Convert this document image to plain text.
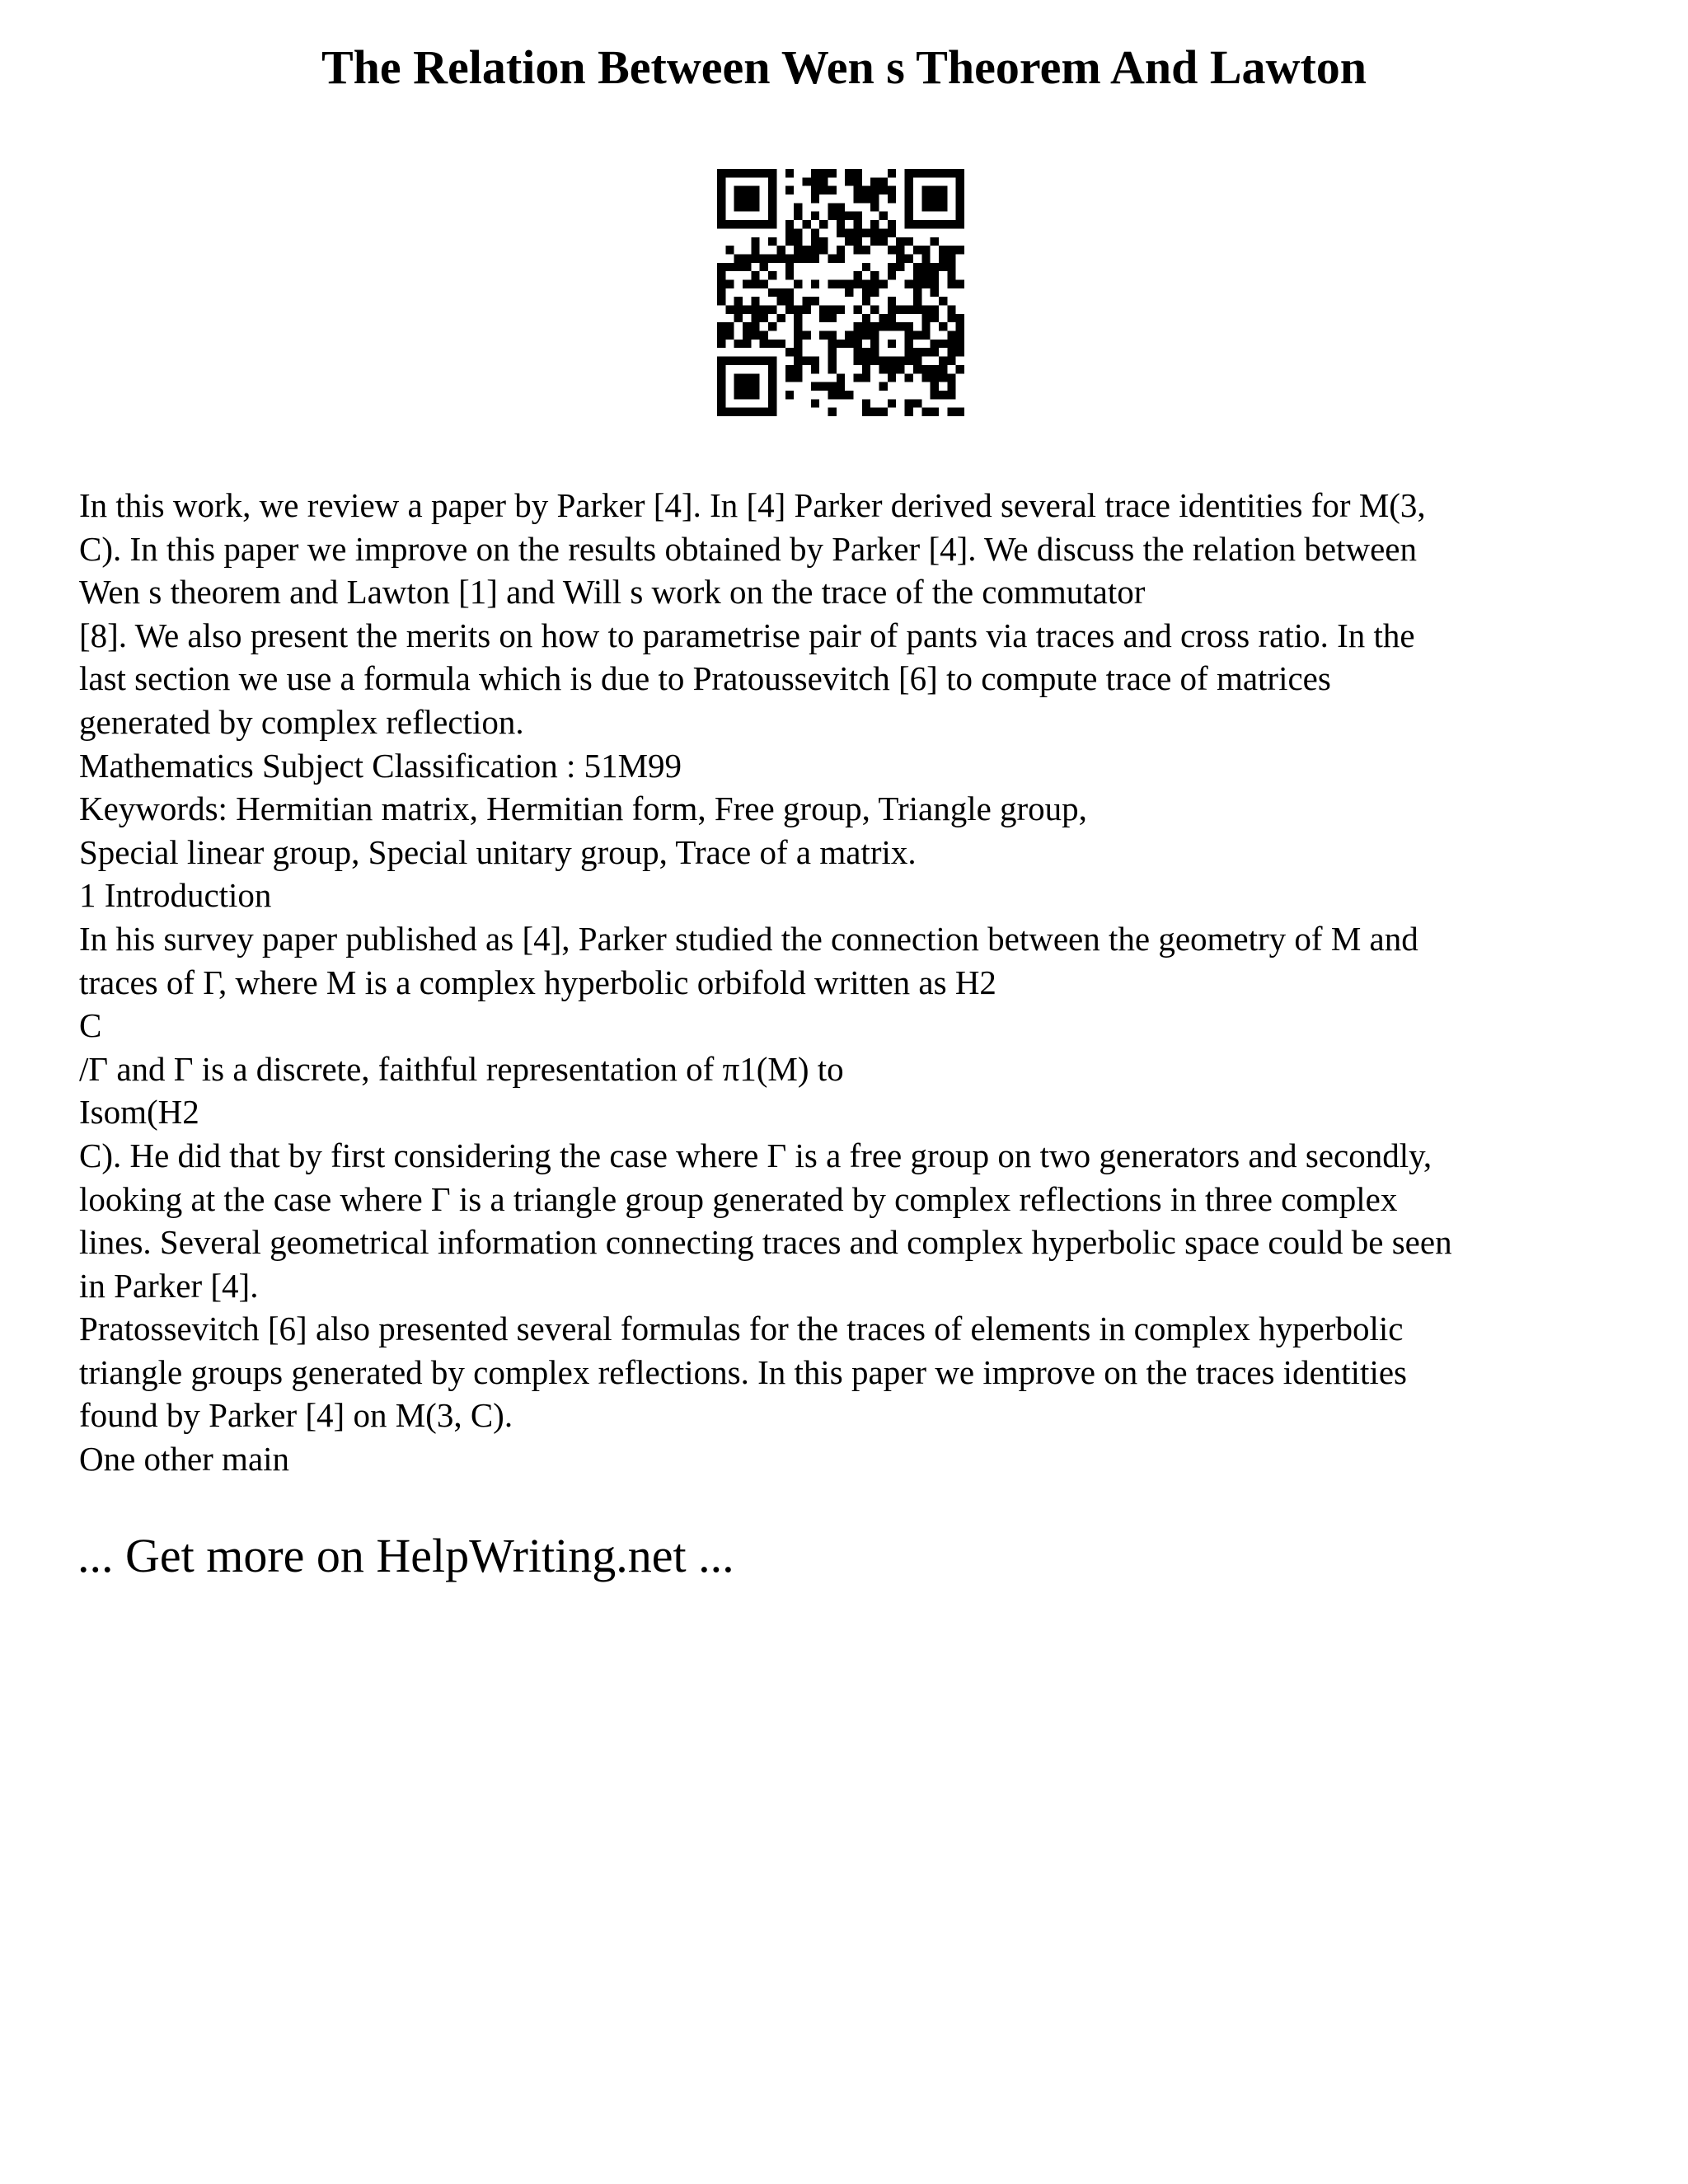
The Relation Between Wen s Theorem And Lawton
In this work, we review a paper by Parker [4]. In [4] Parker derived several trace identities for M(3,
C). In this paper we improve on the results obtained by Parker [4]. We discuss the relation between
Wen s theorem and Lawton [1] and Will s work on the trace of the commutator
[8]. We also present the merits on how to parametrise pair of pants via traces and cross ratio. In the
last section we use a formula which is due to Pratoussevitch [6] to compute trace of matrices
generated by complex reflection.
Mathematics Subject Classification : 51M99
Keywords: Hermitian matrix, Hermitian form, Free group, Triangle group,
Special linear group, Special unitary group, Trace of a matrix.
1 Introduction
In his survey paper published as [4], Parker studied the connection between the geometry of M and
traces of Γ, where M is a complex hyperbolic orbifold written as H2
C
/Γ and Γ is a discrete, faithful representation of π1(M) to
Isom(H2
C). He did that by first considering the case where Γ is a free group on two generators and secondly,
looking at the case where Γ is a triangle group generated by complex reflections in three complex
lines. Several geometrical information connecting traces and complex hyperbolic space could be seen
in Parker [4].
Pratossevitch [6] also presented several formulas for the traces of elements in complex hyperbolic
triangle groups generated by complex reflections. In this paper we improve on the traces identities
found by Parker [4] on M(3, C).
One other main
... Get more on HelpWriting.net ...
